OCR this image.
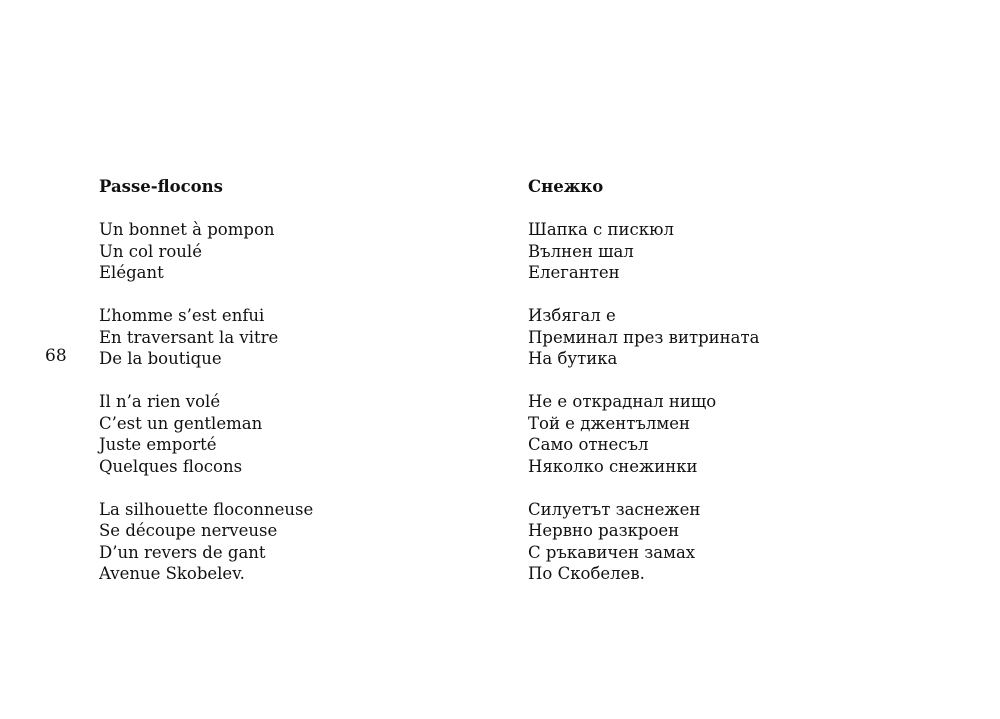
68
Passe-flocons
Un bonnet à pompon
Un col roulé
Elégant
L’homme s’est enfui
En traversant la vitre
De la boutique
Il n’a rien volé
C’est un gentleman
Juste emporté
Quelques flocons
La silhouette floconneuse
Se découpe nerveuse
D’un revers de gant
Avenue Skobelev.
Снежко
Шапка с пискюл
Вълнен шал
Елегантен
Избягал е
Преминал през витрината
На бутика
Не е откраднал нищо
Той е джентълмен
Само отнесъл
Няколко снежинки
Силуетът заснежен
Нервно разкроен
С ръкавичен замах
По Скобелев.
